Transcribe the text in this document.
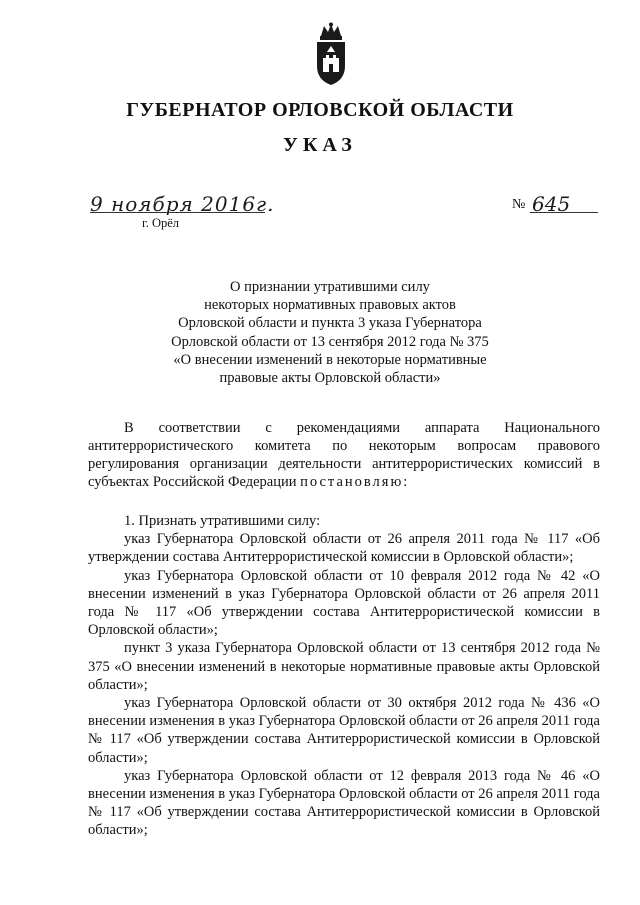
ГУБЕРНАТОР ОРЛОВСКОЙ ОБЛАСТИ
УКАЗ
9 ноября 2016г.
г. Орёл
№ 645
О признании утратившими силу
некоторых нормативных правовых актов
Орловской области и пункта 3 указа Губернатора
Орловской области от 13 сентября 2012 года № 375
«О внесении изменений в некоторые нормативные
правовые акты Орловской области»

В соответствии с рекомендациями аппарата Национального антитеррористического комитета по некоторым вопросам правового регулирования организации деятельности антитеррористических комиссий в субъектах Российской Федерации постановляю:

1. Признать утратившими силу:

указ Губернатора Орловской области от 26 апреля 2011 года № 117 «Об утверждении состава Антитеррористической комиссии в Орловской области»;

указ Губернатора Орловской области от 10 февраля 2012 года № 42 «О внесении изменений в указ Губернатора Орловской области от 26 апреля 2011 года № 117 «Об утверждении состава Антитеррористической комиссии в Орловской области»;

пункт 3 указа Губернатора Орловской области от 13 сентября 2012 года № 375 «О внесении изменений в некоторые нормативные правовые акты Орловской области»;

указ Губернатора Орловской области от 30 октября 2012 года № 436 «О внесении изменения в указ Губернатора Орловской области от 26 апреля 2011 года № 117 «Об утверждении состава Антитеррористической комиссии в Орловской области»;

указ Губернатора Орловской области от 12 февраля 2013 года № 46 «О внесении изменения в указ Губернатора Орловской области от 26 апреля 2011 года № 117 «Об утверждении состава Антитеррористической комиссии в Орловской области»;
